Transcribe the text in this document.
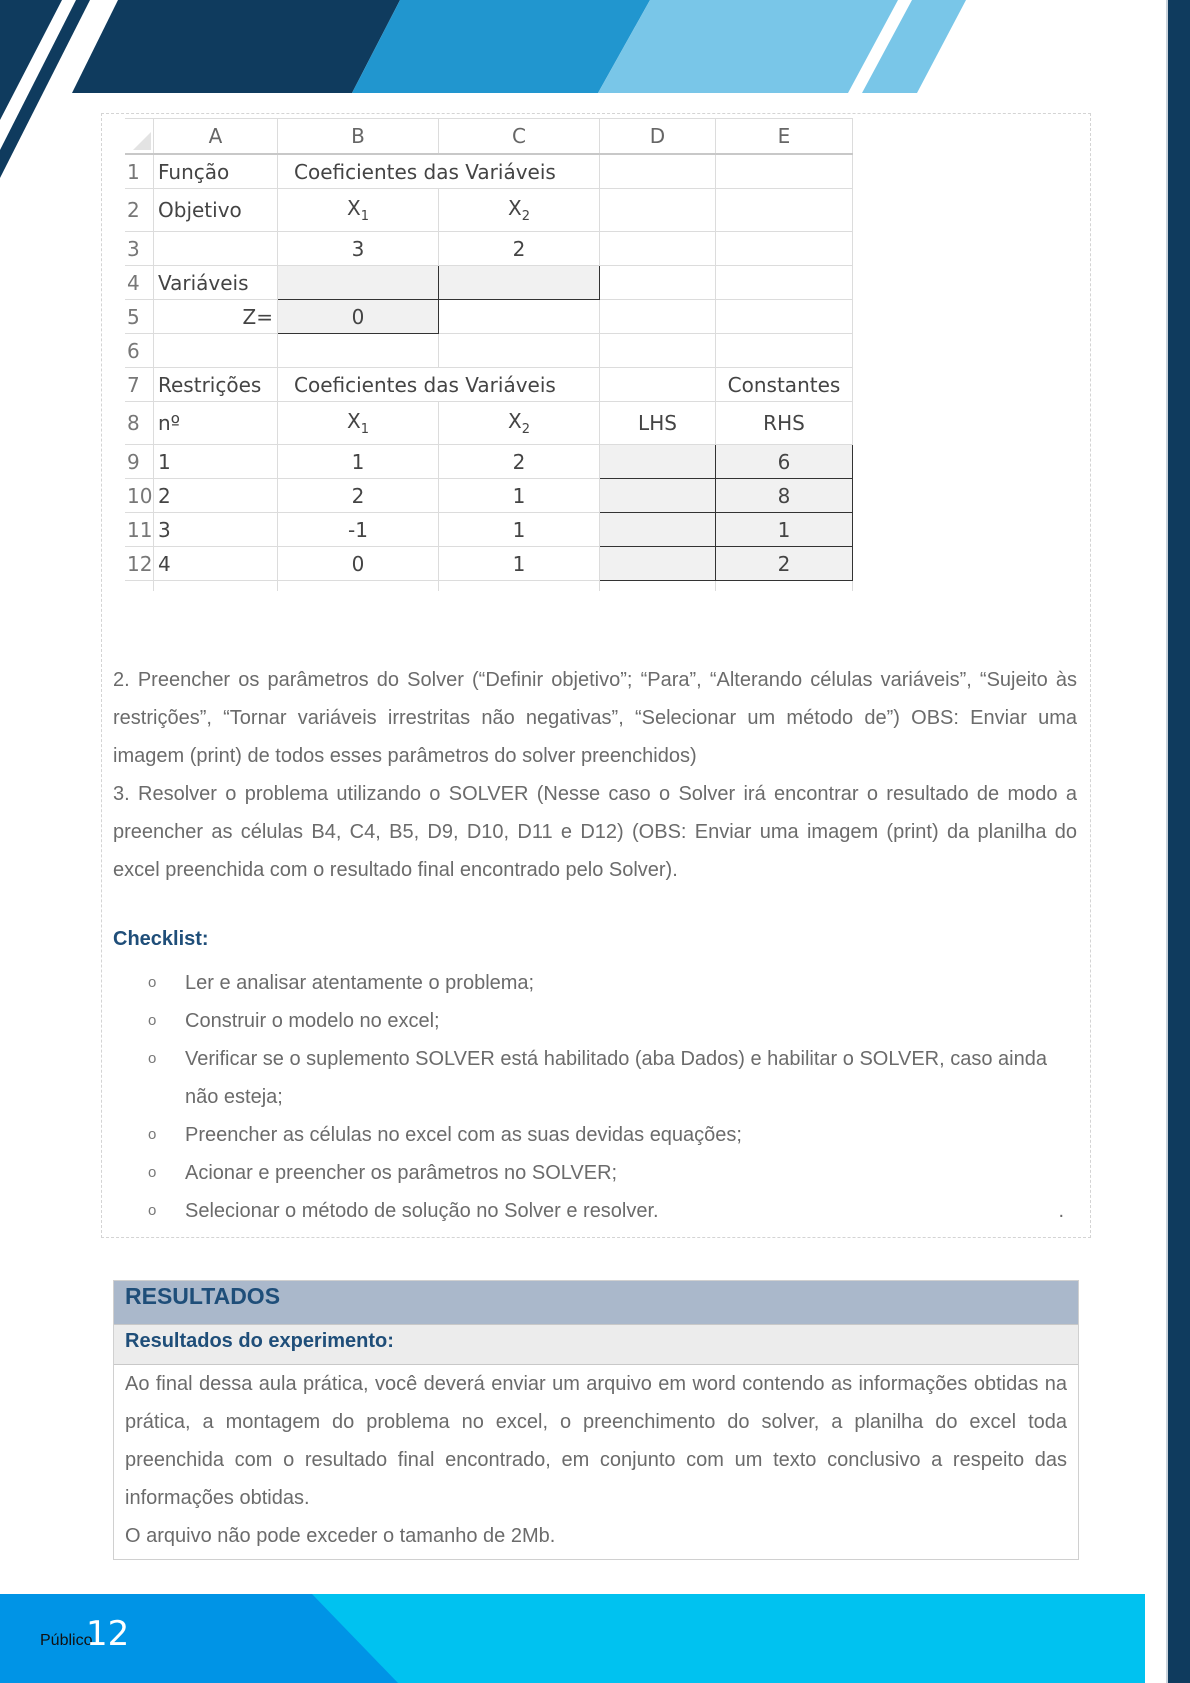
	A	B	C	D	E
1	Função	Coeficientes das Variáveis			
2	Objetivo	$X_1$	$X_2$		
3		3	2		
4	Variáveis				
5	Z=	0			
6					
7	Restrições	Coeficientes das Variáveis			Constantes
8	nº	$X_1$	$X_2$	LHS	RHS
9	1	1	2		6
10	2	2	1		8
11	3	-1	1		1
12	4	0	1		2

2. Preencher os parâmetros do Solver (“Definir objetivo”; “Para”, “Alterando células variáveis”, “Sujeito às restrições”, “Tornar variáveis irrestritas não negativas”, “Selecionar um método de”) OBS: Enviar uma imagem (print) de todos esses parâmetros do solver preenchidos)

3. Resolver o problema utilizando o SOLVER (Nesse caso o Solver irá encontrar o resultado de modo a preencher as células B4, C4, B5, D9, D10, D11 e D12) (OBS: Enviar uma imagem (print) da planilha do excel preenchida com o resultado final encontrado pelo Solver).

Checklist:
o Ler e analisar atentamente o problema;
o Construir o modelo no excel;
o Verificar se o suplemento SOLVER está habilitado (aba Dados) e habilitar o SOLVER, caso ainda não esteja;
o Preencher as células no excel com as suas devidas equações;
o Acionar e preencher os parâmetros no SOLVER;
o Selecionar o método de solução no Solver e resolver.	.
RESULTADOS
Resultados do experimento:
Ao final dessa aula prática, você deverá enviar um arquivo em word contendo as informações obtidas na prática, a montagem do problema no excel, o preenchimento do solver, a planilha do excel toda preenchida com o resultado final encontrado, em conjunto com um texto conclusivo a respeito das informações obtidas.
O arquivo não pode exceder o tamanho de 2Mb.
Público
12
